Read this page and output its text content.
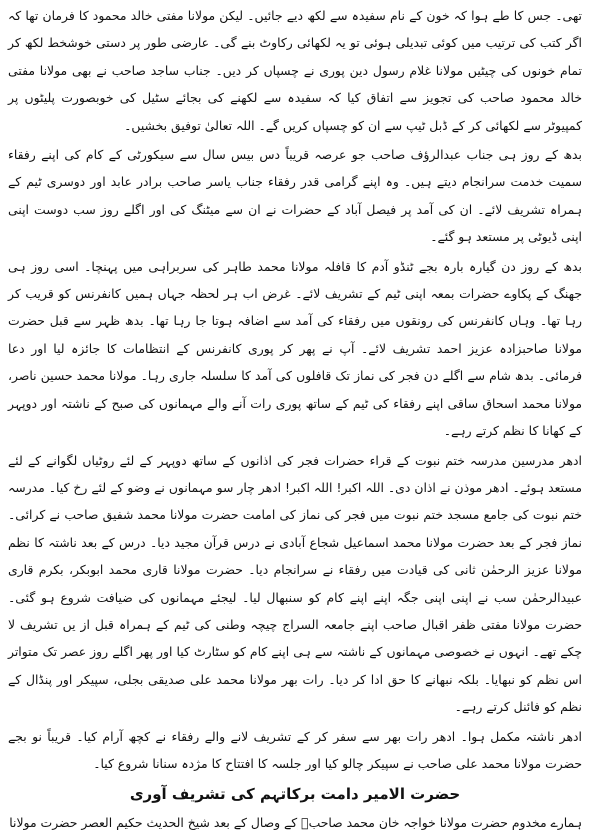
تھی۔ جس کا طے ہوا کہ خون کے نام سفیدہ سے لکھ دیے جائیں۔ لیکن مولانا مفتی خالد محمود کا فرمان تھا کہ اگر کتب کی ترتیب میں کوئی تبدیلی ہوئی تو یہ لکھائی رکاوٹ بنے گی۔ عارضی طور پر دستی خوشخط لکھ کر تمام خونوں کی چیٹیں مولانا غلام رسول دین پوری نے چسپاں کر دیں۔ جناب ساجد صاحب نے بھی مولانا مفتی خالد محمود صاحب کی تجویز سے اتفاق کیا کہ سفیدہ سے لکھنے کی بجائے سٹیل کی خوبصورت پلیٹوں پر کمپیوٹر سے لکھائی کر کے ڈبل ٹیپ سے ان کو چسپاں کریں گے۔ اللہ تعالیٰ توفیق بخشیں۔

بدھ کے روز ہی جناب عبدالرؤف صاحب جو عرصہ قریباً دس بیس سال سے سیکورٹی کے کام کی اپنے رفقاء سمیت خدمت سرانجام دیتے ہیں۔ وہ اپنے گرامی قدر رفقاء جناب یاسر صاحب برادر عابد اور دوسری ٹیم کے ہمراہ تشریف لائے۔ ان کی آمد پر فیصل آباد کے حضرات نے ان سے میٹنگ کی اور اگلے روز سب دوست اپنی اپنی ڈیوٹی پر مستعد ہو گئے۔

بدھ کے روز دن گیارہ بارہ بجے ٹنڈو آدم کا قافلہ مولانا محمد طاہر کی سربراہی میں پہنچا۔ اسی روز ہی جھنگ کے پکاوے حضرات بمعہ اپنی ٹیم کے تشریف لائے۔ غرض اب ہر لحظہ جہاں ہمیں کانفرنس کو قریب کر رہا تھا۔ وہاں کانفرنس کی رونقوں میں رفقاء کی آمد سے اضافہ ہوتا جا رہا تھا۔ بدھ ظہر سے قبل حضرت مولانا صاحبزادہ عزیز احمد تشریف لائے۔ آپ نے پھر کر پوری کانفرنس کے انتظامات کا جائزہ لیا اور دعا فرمائی۔ بدھ شام سے اگلے دن فجر کی نماز تک قافلوں کی آمد کا سلسلہ جاری رہا۔ مولانا محمد حسین ناصر، مولانا محمد اسحاق ساقی اپنے رفقاء کی ٹیم کے ساتھ پوری رات آنے والے مہمانوں کی صبح کے ناشتہ اور دوپہر کے کھانا کا نظم کرتے رہے۔

ادھر مدرسین مدرسہ ختم نبوت کے قراء حضرات فجر کی اذانوں کے ساتھ دوپہر کے لئے روٹیاں لگوانے کے لئے مستعد ہوئے۔ ادھر موذن نے اذان دی۔ اللہ اکبر! اللہ اکبر! ادھر چار سو مہمانوں نے وضو کے لئے رخ کیا۔ مدرسہ ختم نبوت کی جامع مسجد ختم نبوت میں فجر کی نماز کی امامت حضرت مولانا محمد شفیق صاحب نے کرائی۔ نماز فجر کے بعد حضرت مولانا محمد اسماعیل شجاع آبادی نے درس قرآن مجید دیا۔ درس کے بعد ناشتہ کا نظم مولانا عزیز الرحمٰن ثانی کی قیادت میں رفقاء نے سرانجام دیا۔ حضرت مولانا قاری محمد ابوبکر، بکرم قاری عبیدالرحمٰن سب نے اپنی اپنی جگہ اپنے اپنے کام کو سنبھال لیا۔ لیجئے مہمانوں کی ضیافت شروع ہو گئی۔ حضرت مولانا مفتی ظفر اقبال صاحب اپنے جامعہ السراج چیچہ وطنی کی ٹیم کے ہمراہ قبل از یں تشریف لا چکے تھے۔ انہوں نے خصوصی مہمانوں کے ناشتہ سے ہی اپنے کام کو سٹارٹ کیا اور پھر اگلے روز عصر تک متواتر اس نظم کو نبھایا۔ بلکہ نبھانے کا حق ادا کر دیا۔ رات بھر مولانا محمد علی صدیقی بجلی، سپیکر اور پنڈال کے نظم کو فائنل کرتے رہے۔

ادھر ناشتہ مکمل ہوا۔ ادھر رات بھر سے سفر کر کے تشریف لانے والے رفقاء نے کچھ آرام کیا۔ قریباً نو بجے حضرت مولانا محمد علی صاحب نے سپیکر چالو کیا اور جلسہ کا افتتاح کا مژدہ سنانا شروع کیا۔

حضرت الامیر دامت برکاتہم کی تشریف آوری

ہمارے مخدوم حضرت مولانا خواجہ خان محمد صاحبؒ کے وصال کے بعد شیخ الحدیث حکیم العصر حضرت مولانا
